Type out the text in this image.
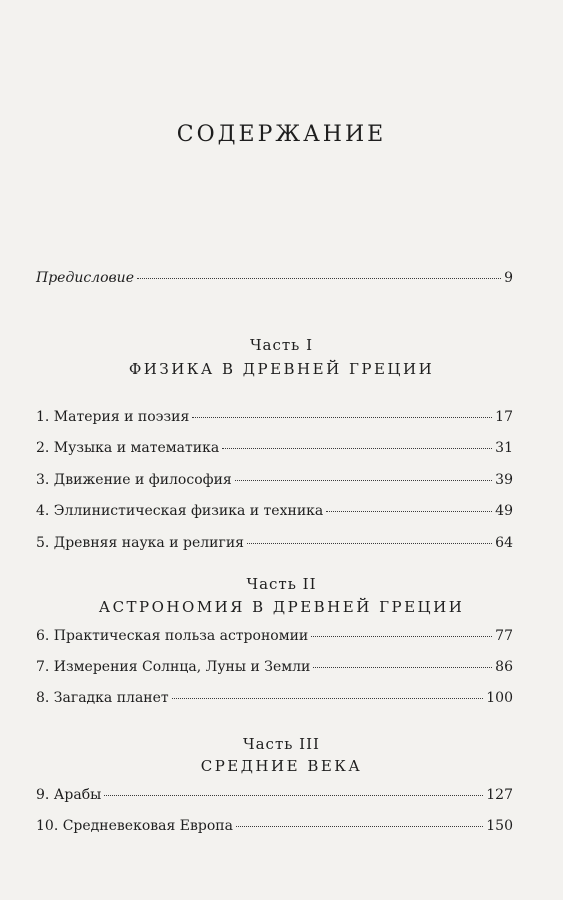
СОДЕРЖАНИЕ
Предисловие	9
Часть I
ФИЗИКА В ДРЕВНЕЙ ГРЕЦИИ
1. Материя и поэзия	17
2. Музыка и математика	31
3. Движение и философия	39
4. Эллинистическая физика и техника	49
5. Древняя наука и религия	64
Часть II
АСТРОНОМИЯ В ДРЕВНЕЙ ГРЕЦИИ
6. Практическая польза астрономии	77
7. Измерения Солнца, Луны и Земли	86
8. Загадка планет	100
Часть III
СРЕДНИЕ ВЕКА
9. Арабы	127
10. Средневековая Европа	150
